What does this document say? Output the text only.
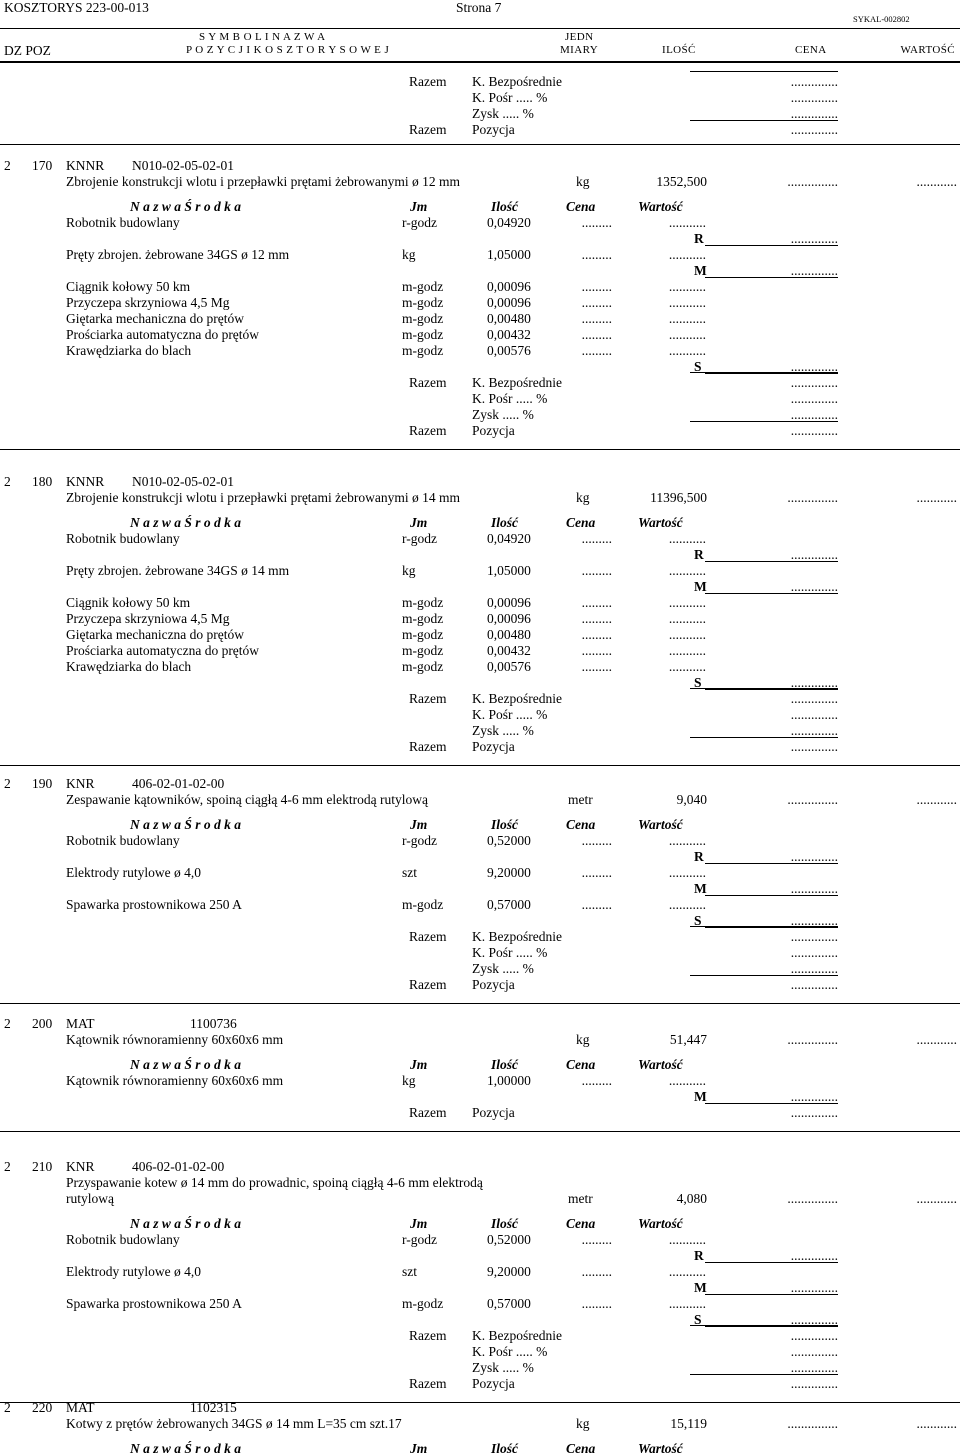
KOSZTORYS 223-00-013	Strona 7
SYKAL-002802
S Y M B O L I N A Z W A
DZ POZ	P O Z Y C J I K O S Z T O R Y S O W E J
JEDN
MIARY	ILOŚĆ	CENA	WARTOŚĆ
Razem K. Bezpośrednie	..............
K. Pośr ..... %	..............
Zysk ..... %	..............
Razem Pozycja	..............
2 170 KNNR N010-02-05-02-01
Zbrojenie konstrukcji wlotu i przepławki prętami żebrowanymi ø 12 mm	kg	1352,500	...............	............
N a z w a Ś r o d k a	Jm	Ilość	Cena	Wartość
Robotnik budowlany	r-godz	0,04920	.........	...........
R	..............
Pręty zbrojen. żebrowane 34GS ø 12 mm	kg	1,05000	.........	...........
M	..............
Ciągnik kołowy 50 km	m-godz	0,00096	.........	...........
Przyczepa skrzyniowa 4,5 Mg	m-godz	0,00096	.........	...........
Giętarka mechaniczna do prętów	m-godz	0,00480	.........	...........
Prościarka automatyczna do prętów	m-godz	0,00432	.........	...........
Krawędziarka do blach	m-godz	0,00576	.........	...........
S	..............
Razem K. Bezpośrednie	..............
K. Pośr ..... %	..............
Zysk ..... %	..............
Razem Pozycja	..............
2 180 KNNR N010-02-05-02-01
Zbrojenie konstrukcji wlotu i przepławki prętami żebrowanymi ø 14 mm	kg	11396,500	...............	............
N a z w a Ś r o d k a	Jm	Ilość	Cena	Wartość
Robotnik budowlany	r-godz	0,04920	.........	...........
R	..............
Pręty zbrojen. żebrowane 34GS ø 14 mm	kg	1,05000	.........	...........
M	..............
Ciągnik kołowy 50 km	m-godz	0,00096	.........	...........
Przyczepa skrzyniowa 4,5 Mg	m-godz	0,00096	.........	...........
Giętarka mechaniczna do prętów	m-godz	0,00480	.........	...........
Prościarka automatyczna do prętów	m-godz	0,00432	.........	...........
Krawędziarka do blach	m-godz	0,00576	.........	...........
S	..............
Razem K. Bezpośrednie	..............
K. Pośr ..... %	..............
Zysk ..... %	..............
Razem Pozycja	..............
2 190 KNR	406-02-01-02-00
Zespawanie kątowników, spoiną ciągłą 4-6 mm elektrodą rutylową	metr	9,040	...............	............
N a z w a Ś r o d k a	Jm	Ilość	Cena	Wartość
Robotnik budowlany	r-godz	0,52000	.........	...........
R	..............
Elektrody rutylowe ø 4,0	szt	9,20000	.........	...........
M	..............
Spawarka prostownikowa 250 A	m-godz	0,57000	.........	...........
S	..............
Razem K. Bezpośrednie	..............
K. Pośr ..... %	..............
Zysk ..... %	..............
Razem Pozycja	..............
2 200 MAT	1100736
Kątownik równoramienny 60x60x6 mm	kg	51,447	...............	............
N a z w a Ś r o d k a	Jm	Ilość	Cena	Wartość
Kątownik równoramienny 60x60x6 mm	kg	1,00000	.........	...........
M	..............
Razem Pozycja	..............
2 210 KNR	406-02-01-02-00
Przyspawanie kotew ø 14 mm do prowadnic, spoiną ciągłą 4-6 mm elektrodą
rutylową	metr	4,080	...............	............
N a z w a Ś r o d k a	Jm	Ilość	Cena	Wartość
Robotnik budowlany	r-godz	0,52000	.........	...........
R	..............
Elektrody rutylowe ø 4,0	szt	9,20000	.........	...........
M	..............
Spawarka prostownikowa 250 A	m-godz	0,57000	.........	...........
S	..............
Razem K. Bezpośrednie	..............
K. Pośr ..... %	..............
Zysk ..... %	..............
Razem Pozycja	..............
2 220 MAT	1102315
Kotwy z prętów żebrowanych 34GS ø 14 mm L=35 cm szt.17	kg	15,119	...............	............
N a z w a Ś r o d k a	Jm	Ilość	Cena	Wartość
